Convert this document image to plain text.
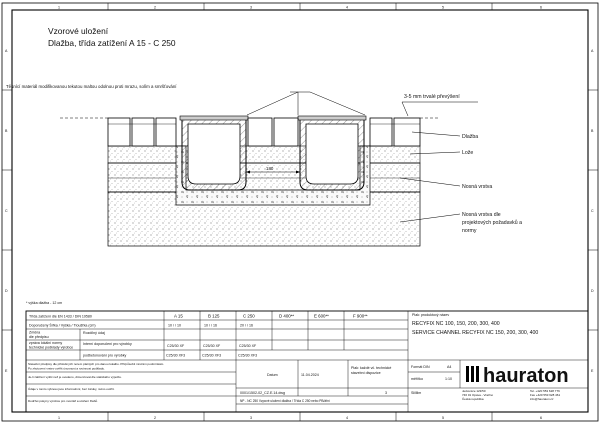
1	2	3	4	5	6
1	2	3	4	5	6
A
B
C
D
E
A
B
C
D
E
Vzorové uložení
Dlažba, třída zatížení A 15 - C 250
180
Těsnící materiál modifikovanou tekutou maltou odolnou proti mrazu, solím a smršťování
3-5 mm trvalé převýšení
Dlažba
Lože
Nosná vrstva
Nosná vrstva dle
projektových požadavků a
normy
* výška dlažba - 12 cm
Třída zatížení dle EN 1433 / DIN 19580	A 15	B 125	C 250	D 400**	E 600**	F 900**
Doporučený Šířka / Výška / Tloušťka (cm)	10 / / 10	10 / / 16	20 / / 16
Změna
dle předpisu
Rozdílný údaj
zpráva lokální normy
technické podklady výrobce
Interní doporučení pro výrobky	C25/30 XF	C25/30 XF	C25/30 XF
podbetonování pro výrobky	C25/30 XF3	C25/30 XF3	C25/30 XF3
Stavební předpisy dle příslušných norem platných pro danou lokalitu. Přizpůsobit místním podmínkám.
Po zhotovení vrstev ověřit únosnost a rovinnost podkladu.
Je-li zatížení vyšší než je uvedeno, dimenzovat dle statického výpočtu.
Údaje v tomto výkresu jsou informativní, bez záruky, nutno ověřit.
Dodržet pokyny výrobce pro montáž a uložení žlabů.
Plak: produktový název
RECYFIX NC 100, 150, 200, 300, 400
SERVICE CHANNEL RECYFIX NC 150, 200, 300, 400
Datum	11.04.2024
Plak: každé vč. technické
stavební dispozice
Formát DIN	A4
měřítko	1:10
Slilllim
3
0001/1502-02_CZ.E.14.dwg
NP - NC 250 Vzpové uložení dlažba / Třída C 250 nebo PB/ářní
hauraton
Jedovnice 123/50
746 01 Opava - Vražné
Česká republika
Tel. +420 553 628 776
Fax +420 553 628 461
info@hauraton.cz
